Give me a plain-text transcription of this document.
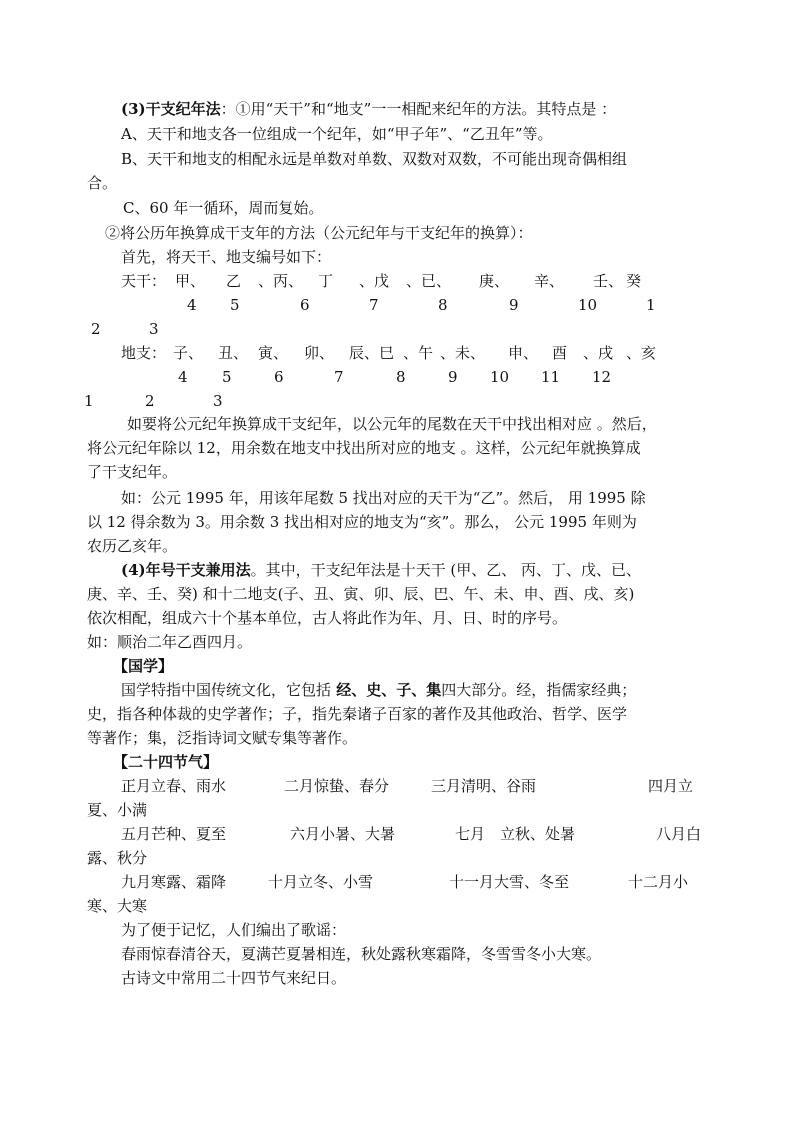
(3)干支纪年法：①用“天干”和“地支”一一相配来纪年的方法。其特点是 ：
A、天干和地支各一位组成一个纪年，如“甲子年”、“乙丑年”等。
B、天干和地支的相配永远是单数对单数、双数对双数，不可能出现奇偶相组
合。
C、60 年一循环，周而复始。
②将公历年换算成干支年的方法（公元纪年与干支纪年的换算）：
首先，将天干、地支编号如下：
天干： 甲、 乙 、丙、 丁 、戊 、已、 庚、 辛、 壬、 癸
4 5	6	7	8	9	10	1
2	3
地支： 子、 丑、 寅、 卯、 辰、巳 、午 、未、 申、 酉 、戌 、亥
4 5	6	7	8	9 10 11 12
1	2	3
如要将公元纪年换算成干支纪年，以公元年的尾数在天干中找出相对应 。然后，
将公元纪年除以 12，用余数在地支中找出所对应的地支 。这样，公元纪年就换算成
了干支纪年。
如：公元 1995 年，用该年尾数 5 找出对应的天干为“乙”。然后， 用 1995 除
以 12 得余数为 3。用余数 3 找出相对应的地支为“亥”。那么， 公元 1995 年则为
农历乙亥年。
(4)年号干支兼用法。其中，干支纪年法是十天干 (甲、乙、 丙、丁、戊、已、
庚、辛、壬、癸) 和十二地支(子、丑、寅、卯、辰、巴、午、未、申、酉、戌、亥)
依次相配，组成六十个基本单位，古人将此作为年、月、日、时的序号。
如：顺治二年乙酉四月。
【国学】
国学特指中国传统文化，它包括 经、史、子、集四大部分。经，指儒家经典；
史，指各种体裁的史学著作；子，指先秦诸子百家的著作及其他政治、哲学、医学
等著作；集，泛指诗词文赋专集等著作。
【二十四节气】
正月立春、雨水	二月惊蛰、春分	三月清明、谷雨	四月立
夏、小满
五月芒种、夏至	六月小暑、大暑	七月　立秋、处暑	八月白
露、秋分
九月寒露、霜降	十月立冬、小雪	十一月大雪、冬至	十二月小
寒、大寒
为了便于记忆，人们编出了歌谣：
春雨惊春清谷天，夏满芒夏暑相连，秋处露秋寒霜降，冬雪雪冬小大寒。
古诗文中常用二十四节气来纪日。
